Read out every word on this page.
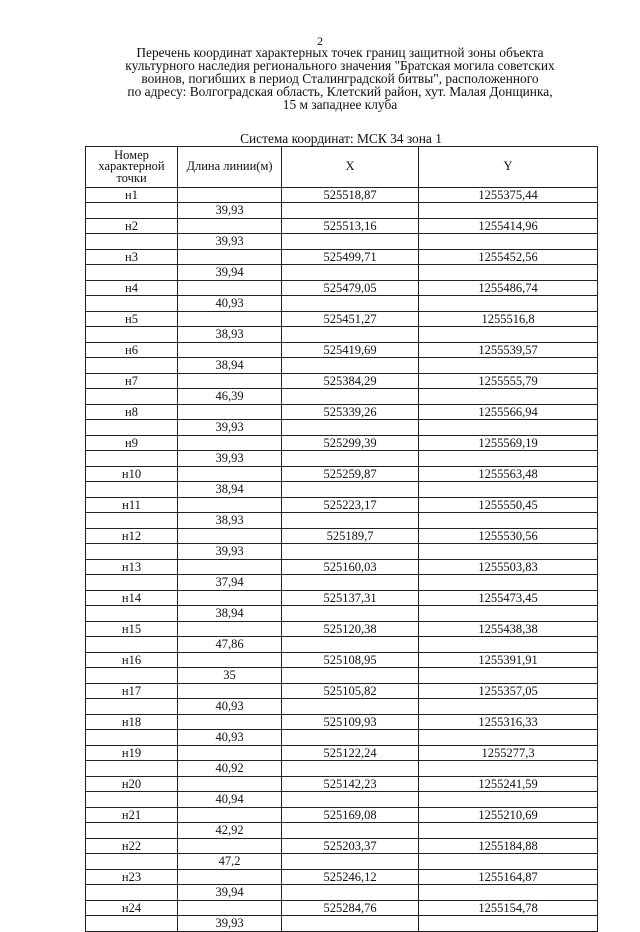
2
Перечень координат характерных точек границ защитной зоны объекта
культурного наследия регионального значения "Братская могила советских
воинов, погибших в период Сталинградской битвы", расположенного
по адресу: Волгоградская область, Клетский район, хут. Малая Донщинка,
15 м западнее клуба
Система координат: МСК 34 зона 1
Номер характерной точки	Длина линии(м)	X	Y
н1		525518,87	1255375,44
	39,93		
н2		525513,16	1255414,96
	39,93		
н3		525499,71	1255452,56
	39,94		
н4		525479,05	1255486,74
	40,93		
н5		525451,27	1255516,8
	38,93		
н6		525419,69	1255539,57
	38,94		
н7		525384,29	1255555,79
	46,39		
н8		525339,26	1255566,94
	39,93		
н9		525299,39	1255569,19
	39,93		
н10		525259,87	1255563,48
	38,94		
н11		525223,17	1255550,45
	38,93		
н12		525189,7	1255530,56
	39,93		
н13		525160,03	1255503,83
	37,94		
н14		525137,31	1255473,45
	38,94		
н15		525120,38	1255438,38
	47,86		
н16		525108,95	1255391,91
	35		
н17		525105,82	1255357,05
	40,93		
н18		525109,93	1255316,33
	40,93		
н19		525122,24	1255277,3
	40,92		
н20		525142,23	1255241,59
	40,94		
н21		525169,08	1255210,69
	42,92		
н22		525203,37	1255184,88
	47,2		
н23		525246,12	1255164,87
	39,94		
н24		525284,76	1255154,78
	39,93		
